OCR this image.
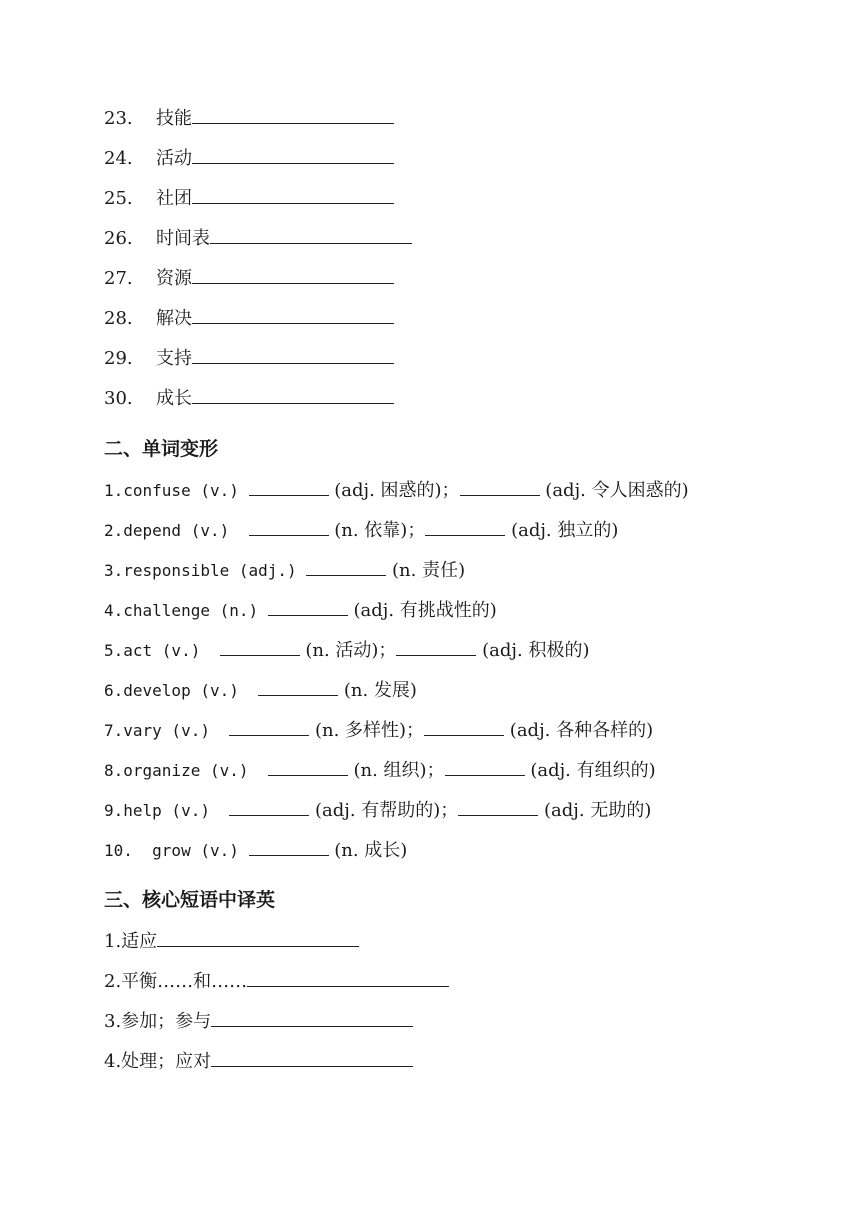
23. 技能
24. 活动
25. 社团
26. 时间表
27. 资源
28. 解决
29. 支持
30. 成长
二、单词变形
1.confuse (v.)	(adj. 困惑的)；	(adj. 令人困惑的)
2.depend (v.)	(n. 依靠)；	(adj. 独立的)
3.responsible (adj.)	(n. 责任)
4.challenge (n.)	(adj. 有挑战性的)
5.act (v.)	(n. 活动)；	(adj. 积极的)
6.develop (v.)	(n. 发展)
7.vary (v.)	(n. 多样性)；	(adj. 各种各样的)
8.organize (v.)	(n. 组织)；	(adj. 有组织的)
9.help (v.)	(adj. 有帮助的)；	(adj. 无助的)
10.  grow (v.)	(n. 成长)
三、核心短语中译英
1.适应
2.平衡……和……
3.参加；参与
4.处理；应对
